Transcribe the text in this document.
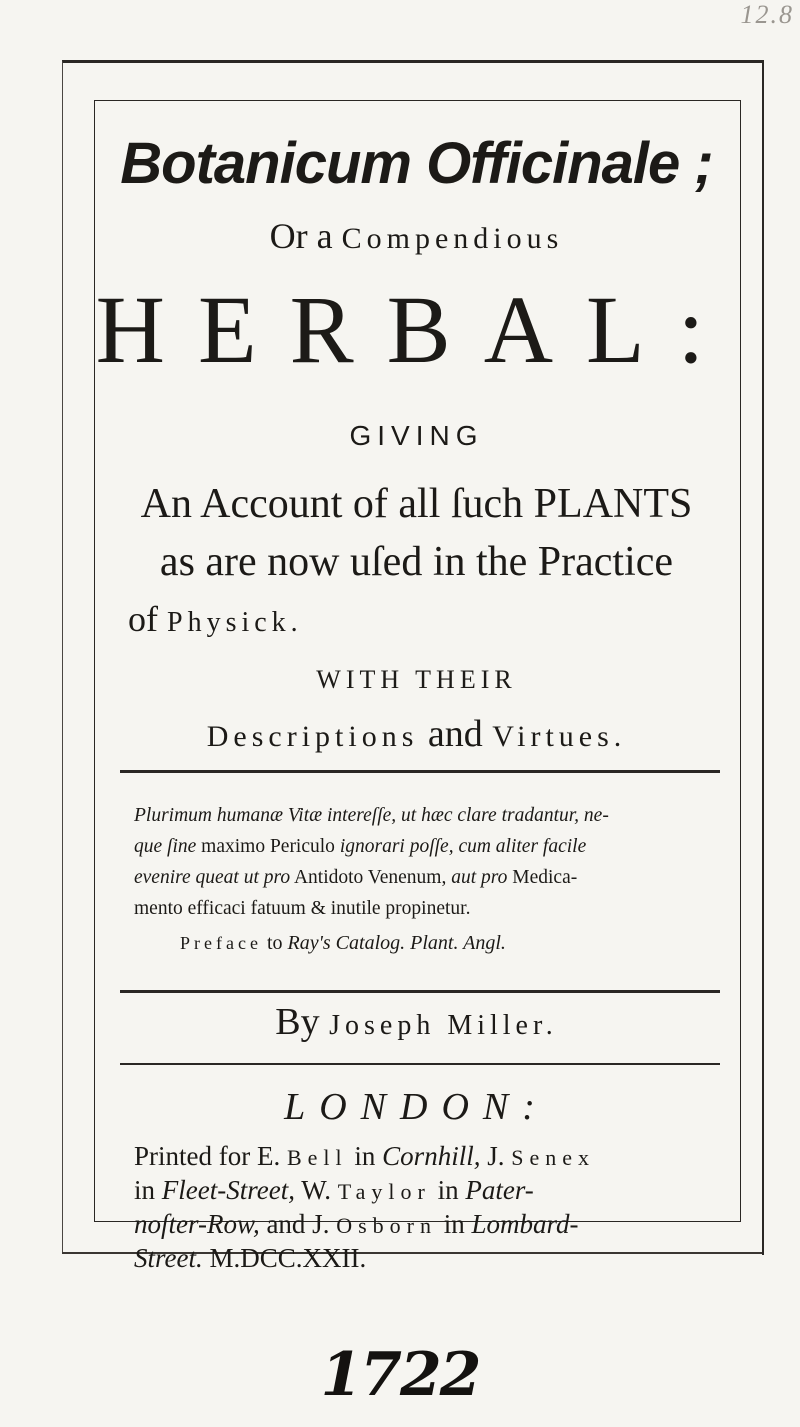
12.8
Botanicum Officinale ;
Or a Compendious
HERBAL:
GIVING
An Account of all ſuch PLANTS
as are now uſed in the Practice
of Physick.
WITH THEIR
Descriptions and Virtues.
Plurimum humanæ Vitæ intereſſe, ut hæc clare tradantur, ne-
que ſine maximo Periculo ignorari poſſe, cum aliter facile
evenire queat ut pro Antidoto Venenum, aut pro Medica-
mento efficaci fatuum & inutile propinetur.
Preface to Ray's Catalog. Plant. Angl.
By Joseph Miller.
LONDON:
Printed for E. Bell in Cornhill, J. Senex
in Fleet-Street, W. Taylor in Pater-
noſter-Row, and J. Osborn in Lombard-
Street. M.DCC.XXII.
1722
